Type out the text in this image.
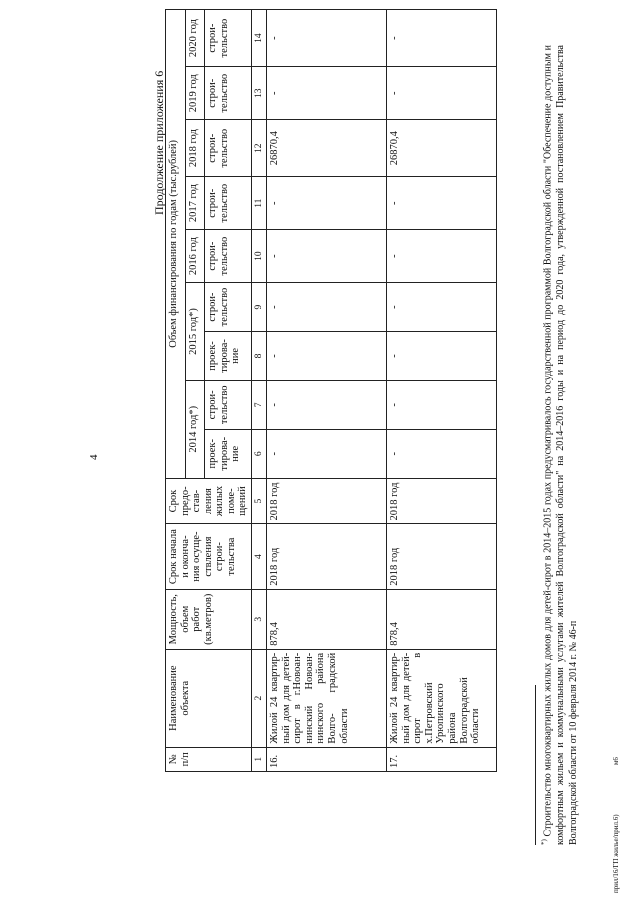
4
Продолжение приложения 6
№ п/п	Наименование объекта	Мощность, объем работ (кв.метров)	Срок начала и оконча- ния осуще- ствления строи- тельства	Срок предо- став- ления жилых поме- щений	Объем финансирования по годам (тыс.рублей)								
					2014 год*)		2015 год*)		2016 год	2017 год	2018 год	2019 год	2020 год
					проек- тирова- ние	строи- тельство	проек- тирова- ние	строи- тельство	строи- тельство	строи- тельство	строи- тельство	строи- тельство	строи- тельство
1	2	3	4	5	6	7	8	9	10	11	12	13	14
16.	Жилой 24 квартир- ный дом для детей- сирот в г.Новоан- нинский Новоан- нинского района Волго- градской области	878,4	2018 год	2018 год	-	-	-	-	-	-	26870,4	-	-
17.	Жилой 24 квартир- ный дом для детей- сирот в х.Петровский Урюпинского района Волгоградской области	878,4	2018 год	2018 год	-	-	-	-	-	-	26870,4	-	-
*) Строительство многоквартирных жилых домов для детей-сирот в 2014–2015 годах предусматривалось государственной программой Волгоградской области "Обеспечение доступным и комфортным жильем и коммунальными услугами жителей Волгоградской области" на 2014–2016 годы и на период до 2020 года, утвержденной постановлением Правительства Волгоградской области от 10 февраля 2014 г. № 46-п
прил/16/ГП жилье/прил.6)
м6
